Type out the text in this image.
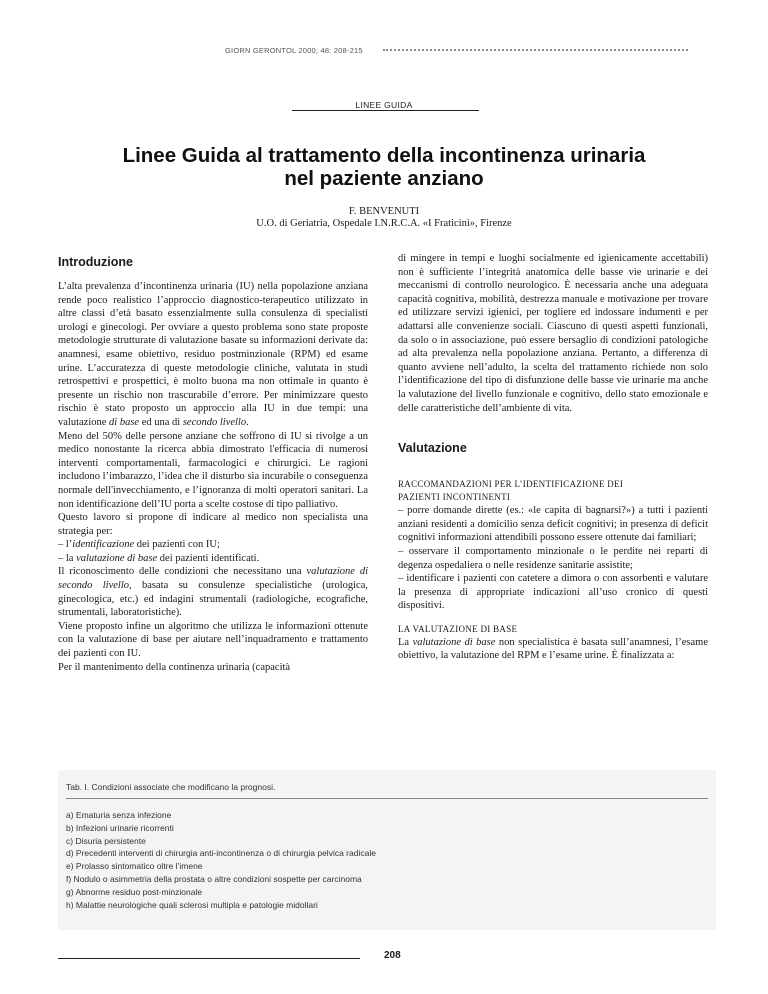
GIORN GERONTOL 2000; 48: 208-215
LINEE GUIDA
Linee Guida al trattamento della incontinenza urinaria
nel paziente anziano
F. BENVENUTI
U.O. di Geriatria, Ospedale I.N.R.C.A. «I Fraticini», Firenze

Introduzione

L’alta prevalenza d’incontinenza urinaria (IU) nella popolazione anziana rende poco realistico l’approccio diagnostico-terapeutico utilizzato in altre classi d’età basato essenzialmente sulla consulenza di specialisti urologi e ginecologi. Per ovviare a questo problema sono state proposte metodologie strutturate di valutazione basate su informazioni derivate da: anamnesi, esame obiettivo, residuo postminzionale (RPM) ed esame urine. L’accuratezza di queste metodologie cliniche, valutata in studi retrospettivi e prospettici, è molto buona ma non ottimale in quanto è presente un rischio non trascurabile d’errore. Per minimizzare questo rischio è stato proposto un approccio alla IU in due tempi: una valutazione di base ed una di secondo livello.

Meno del 50% delle persone anziane che soffrono di IU si rivolge a un medico nonostante la ricerca abbia dimostrato l'efficacia di numerosi interventi comportamentali, farmacologici e chirurgici. Le ragioni includono l’imbarazzo, l’idea che il disturbo sia incurabile o conseguenza normale dell'invecchiamento, e l’ignoranza di molti operatori sanitari. La non identificazione dell’IU porta a scelte costose di tipo palliativo.

Questo lavoro si propone di indicare al medico non specialista una strategia per:

– l’identificazione dei pazienti con IU;

– la valutazione di base dei pazienti identificati.

Il riconoscimento delle condizioni che necessitano una valutazione di secondo livello, basata su consulenze specialistiche (urologica, ginecologica, etc.) ed indagini strumentali (radiologiche, ecografiche, strumentali, laboratoristiche).

Viene proposto infine un algoritmo che utilizza le informazioni ottenute con la valutazione di base per aiutare nell’inquadramento e trattamento dei pazienti con IU.

Per il mantenimento della continenza urinaria (capacità

di mingere in tempi e luoghi socialmente ed igienicamente accettabili) non è sufficiente l’integrità anatomica delle basse vie urinarie e dei meccanismi di controllo neurologico. È necessaria anche una adeguata capacità cognitiva, mobilità, destrezza manuale e motivazione per trovare ed utilizzare servizi igienici, per togliere ed indossare indumenti e per adattarsi alle convenienze sociali. Ciascuno di questi aspetti funzionali, da solo o in associazione, può essere bersaglio di condizioni patologiche ad alta prevalenza nella popolazione anziana. Pertanto, a differenza di quanto avviene nell’adulto, la scelta del trattamento richiede non solo l’identificazione del tipo di disfunzione delle basse vie urinarie ma anche la valutazione del livello funzionale e cognitivo, dello stato emozionale e delle caratteristiche dell’ambiente di vita.

Valutazione

RACCOMANDAZIONI PER L’IDENTIFICAZIONE DEI
PAZIENTI INCONTINENTI

– porre domande dirette (es.: «le capita di bagnarsi?») a tutti i pazienti anziani residenti a domicilio senza deficit cognitivi; in presenza di deficit cognitivi informazioni attendibili possono essere ottenute dai familiari;

– osservare il comportamento minzionale o le perdite nei reparti di degenza ospedaliera o nelle residenze sanitarie assistite;

– identificare i pazienti con catetere a dimora o con assorbenti e valutare la presenza di appropriate indicazioni all’uso cronico di questi dispositivi.

LA VALUTAZIONE DI BASE

La valutazione di base non specialistica è basata sull’anamnesi, l’esame obiettivo, la valutazione del RPM e l’esame urine. È finalizzata a:

Tab. I. Condizioni associate che modificano la prognosi.
a) Ematuria senza infezione
b) Infezioni urinarie ricorrenti
c) Disuria persistente
d) Precedenti interventi di chirurgia anti-incontinenza o di chirurgia pelvica radicale
e) Prolasso sintomatico oltre l’imene
f) Nodulo o asimmetria della prostata o altre condizioni sospette per carcinoma
g) Abnorme residuo post-minzionale
h) Malattie neurologiche quali sclerosi multipla e patologie midollari
208
